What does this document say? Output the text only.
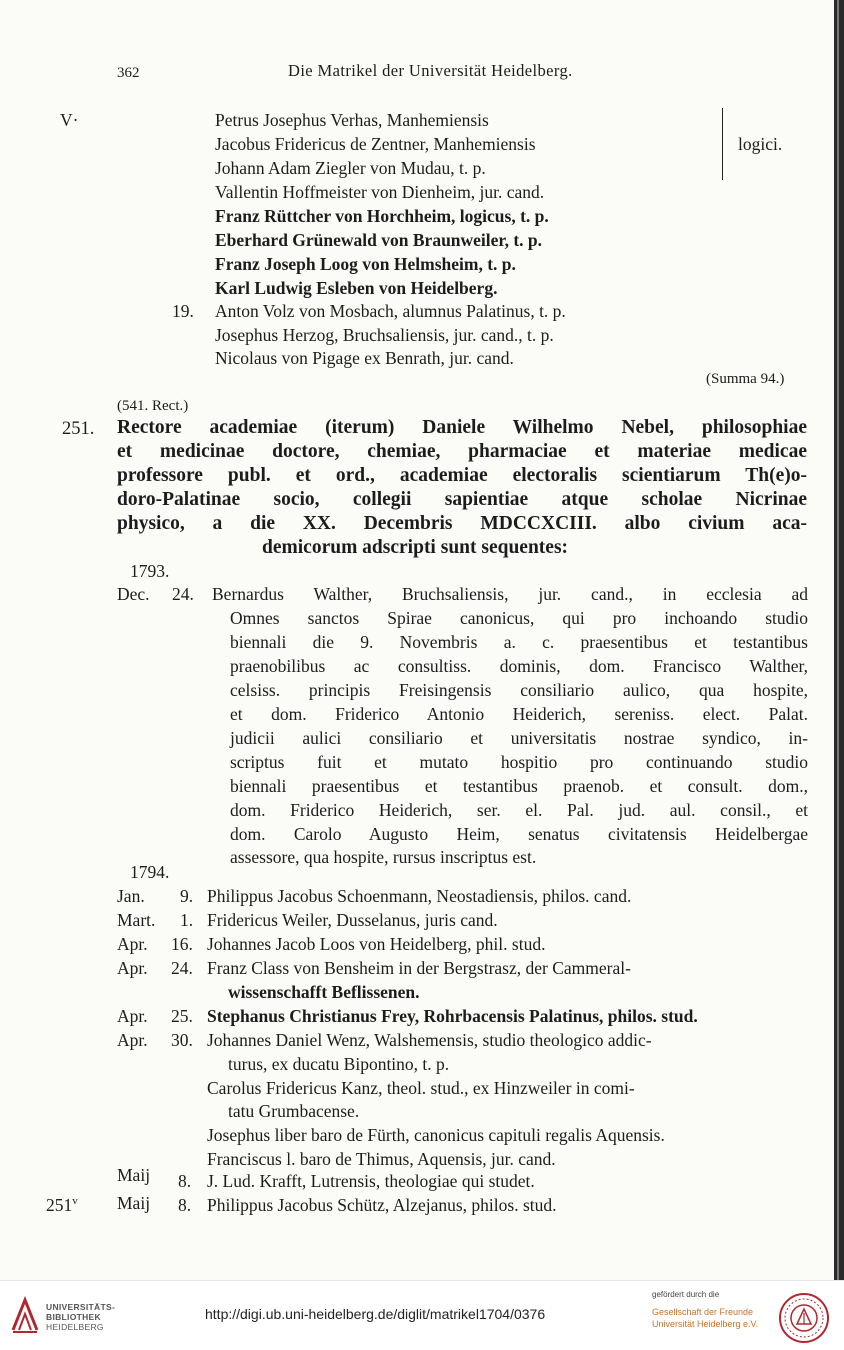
362	Die Matrikel der Universität Heidelberg.
V·	Petrus Josephus Verhas, Manhemiensis
Jacobus Fridericus de Zentner, Manhemiensis
Johann Adam Ziegler von Mudau, t. p.
logici.
Vallentin Hoffmeister von Dienheim, jur. cand.
Franz Rüttcher von Horchheim, logicus, t. p.
Eberhard Grünewald von Braunweiler, t. p.
Franz Joseph Loog von Helmsheim, t. p.
Karl Ludwig Esleben von Heidelberg.
19. Anton Volz von Mosbach, alumnus Palatinus, t. p.
Josephus Herzog, Bruchsaliensis, jur. cand., t. p.
Nicolaus von Pigage ex Benrath, jur. cand.
(Summa 94.)
(541. Rect.)
251. Rectore academiae (iterum) Daniele Wilhelmo Nebel, philosophiae
et medicinae doctore, chemiae, pharmaciae et materiae medicae
professore publ. et ord., academiae electoralis scientiarum Th(e)o-
doro-Palatinae socio, collegii sapientiae atque scholae Nicrinae
physico, a die XX. Decembris MDCCXCIII. albo civium aca-
demicorum adscripti sunt sequentes:
1793.
Dec. 24. Bernardus Walther, Bruchsaliensis, jur. cand., in ecclesia ad
Omnes sanctos Spirae canonicus, qui pro inchoando studio
biennali die 9. Novembris a. c. praesentibus et testantibus
praenobilibus ac consultiss. dominis, dom. Francisco Walther,
celsiss. principis Freisingensis consiliario aulico, qua hospite,
et dom. Friderico Antonio Heiderich, sereniss. elect. Palat.
judicii aulici consiliario et universitatis nostrae syndico, in-
scriptus fuit et mutato hospitio pro continuando studio
biennali praesentibus et testantibus praenob. et consult. dom.,
dom. Friderico Heiderich, ser. el. Pal. jud. aul. consil., et
dom. Carolo Augusto Heim, senatus civitatensis Heidelbergae
assessore, qua hospite, rursus inscriptus est.
1794.
Jan. 9. Philippus Jacobus Schoenmann, Neostadiensis, philos. cand.
Mart. 1. Fridericus Weiler, Dusselanus, juris cand.
Apr. 16. Johannes Jacob Loos von Heidelberg, phil. stud.
Apr. 24. Franz Class von Bensheim in der Bergstrasz, der Cammeral-
wissenschafft Beflissenen.
Apr. 25. Stephanus Christianus Frey, Rohrbacensis Palatinus, philos. stud.
Apr. 30. Johannes Daniel Wenz, Walshemensis, studio theologico addic-
turus, ex ducatu Bipontino, t. p.
Carolus Fridericus Kanz, theol. stud., ex Hinzweiler in comi-
tatu Grumbacense.
Josephus liber baro de Fürth, canonicus capituli regalis Aquensis.
Franciscus l. baro de Thimus, Aquensis, jur. cand.
Maij 8. J. Lud. Krafft, Lutrensis, theologiae qui studet.
251$^v$ Maij 8. Philippus Jacobus Schütz, Alzejanus, philos. stud.
UNIVERSITÄTS-
BIBLIOTHEK
HEIDELBERG
http://digi.ub.uni-heidelberg.de/diglit/matrikel1704/0376
gefördert durch die
Gesellschaft der Freunde
Universität Heidelberg e.V.
